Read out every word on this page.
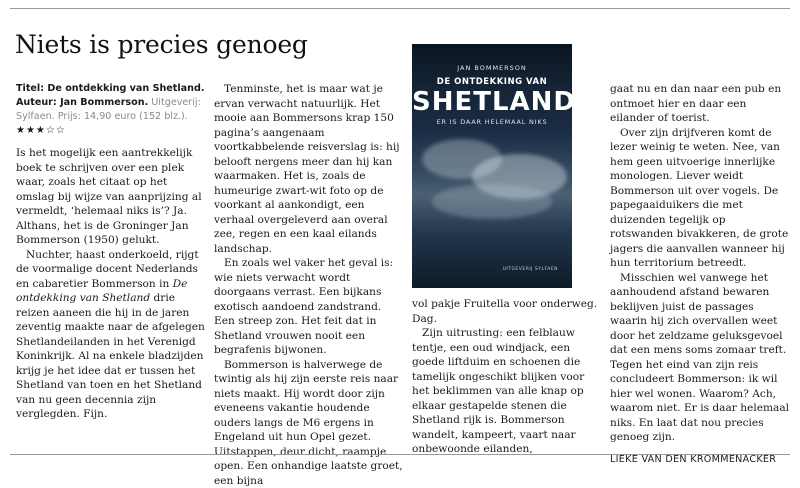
Niets is precies genoeg
Titel: De ontdekking van Shetland.
Auteur: Jan Bommerson. Uitgeverij: Sylfaen. Prijs: 14,90 euro (152 blz.).
★★★☆☆

Is het mogelijk een aantrekkelijk boek te schrijven over een plek waar, zoals het citaat op het omslag bij wijze van aanprijzing al vermeldt, ‘helemaal niks is’? Ja. Althans, het is de Groninger Jan Bommerson (1950) gelukt.

Nuchter, haast onderkoeld, rijgt de voormalige docent Nederlands en cabaretier Bommerson in De ontdekking van Shetland drie reizen aaneen die hij in de jaren zeventig maakte naar de afgelegen Shetlandeilanden in het Verenigd Koninkrijk. Al na enkele bladzijden krijg je het idee dat er tussen het Shetland van toen en het Shetland van nu geen decennia zijn verglegden. Fijn.

Tenminste, het is maar wat je ervan verwacht natuurlijk. Het mooie aan Bommersons krap 150 pagina’s aangenaam voortkabbelende reisverslag is: hij belooft nergens meer dan hij kan waarmaken. Het is, zoals de humeurige zwart-wit foto op de voorkant al aankondigt, een verhaal overgeleverd aan overal zee, regen en een kaal eilands landschap.

En zoals wel vaker het geval is: wie niets verwacht wordt doorgaans verrast. Een bijkans exotisch aandoend zandstrand. Een streep zon. Het feit dat in Shetland vrouwen nooit een begrafenis bijwonen.

Bommerson is halverwege de twintig als hij zijn eerste reis naar niets maakt. Hij wordt door zijn eveneens vakantie houdende ouders langs de M6 ergens in Engeland uit hun Opel gezet. Uitstappen, deur dicht, raampje open. Een onhandige laatste groet, een bijna

JAN BOMMERSON
DE ONTDEKKING VAN
SHETLAND
ER IS DAAR HELEMAAL NIKS
UITGEVERIJ SYLFAEN

vol pakje Fruitella voor onderweg. Dag.

Zijn uitrusting: een felblauw tentje, een oud windjack, een goede liftduim en schoenen die tamelijk ongeschikt blijken voor het beklimmen van alle knap op elkaar gestapelde stenen die Shetland rijk is. Bommerson wandelt, kampeert, vaart naar onbewoonde eilanden,

gaat nu en dan naar een pub en ontmoet hier en daar een eilander of toerist.

Over zijn drijfveren komt de lezer weinig te weten. Nee, van hem geen uitvoerige innerlijke monologen. Liever weidt Bommerson uit over vogels. De papegaaiduikers die met duizenden tegelijk op rotswanden bivakkeren, de grote jagers die aanvallen wanneer hij hun territorium betreedt.

Misschien wel vanwege het aanhoudend afstand bewaren beklijven juist de passages waarin hij zich overvallen weet door het zeldzame geluksgevoel dat een mens soms zomaar treft. Tegen het eind van zijn reis concludeert Bommerson: ik wil hier wel wonen. Waarom? Ach, waarom niet. Er is daar helemaal niks. En laat dat nou precies genoeg zijn.

LIEKE VAN DEN KROMMENACKER
